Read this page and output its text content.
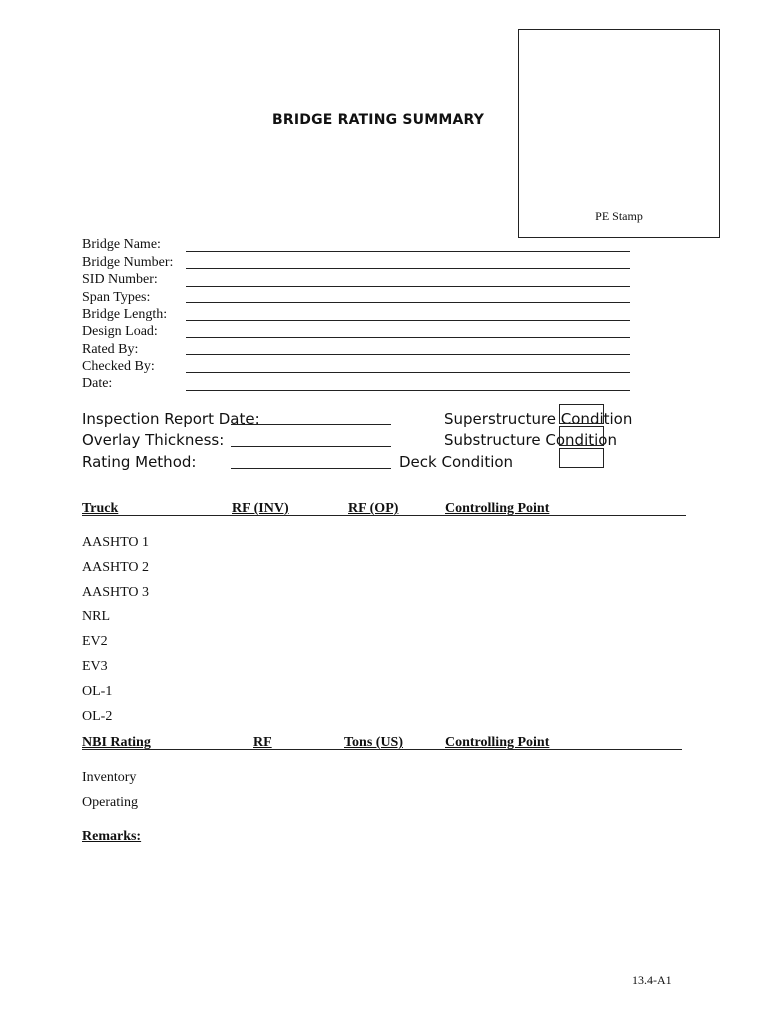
PE Stamp
BRIDGE RATING SUMMARY
Bridge Name:
Bridge Number:
SID Number:
Span Types:
Bridge Length:
Design Load:
Rated By:
Checked By:
Date:
Inspection Report Date:
Overlay Thickness:
Rating Method:
Superstructure Condition
Substructure Condition
Deck Condition
Truck	RF (INV)	RF (OP)	Controlling Point
AASHTO 1
AASHTO 2
AASHTO 3
NRL
EV2
EV3
OL-1
OL-2
NBI Rating	RF	Tons (US)	Controlling Point
Inventory
Operating
Remarks:
13.4-A1
